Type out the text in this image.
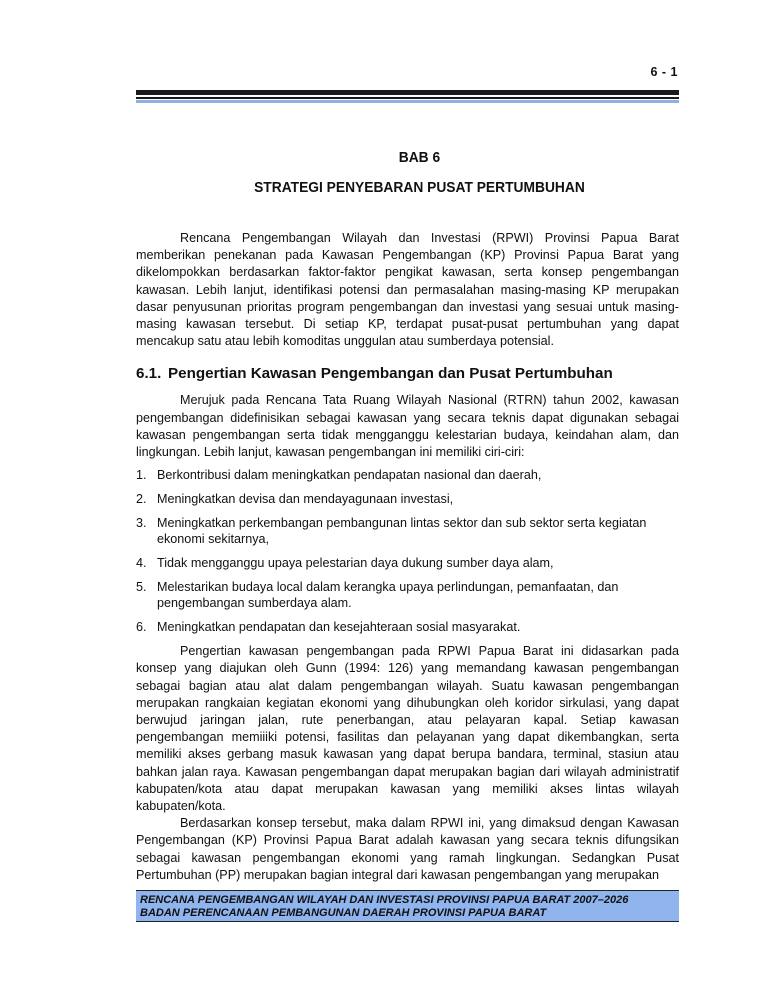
6 - 1
BAB 6
STRATEGI PENYEBARAN PUSAT PERTUMBUHAN

Rencana Pengembangan Wilayah dan Investasi (RPWI) Provinsi Papua Barat memberikan penekanan pada Kawasan Pengembangan (KP) Provinsi Papua Barat yang dikelompokkan berdasarkan faktor-faktor pengikat kawasan, serta konsep pengembangan kawasan. Lebih lanjut, identifikasi potensi dan permasalahan masing-masing KP merupakan dasar penyusunan prioritas program pengembangan dan investasi yang sesuai untuk masing-masing kawasan tersebut. Di setiap KP, terdapat pusat-pusat pertumbuhan yang dapat mencakup satu atau lebih komoditas unggulan atau sumberdaya potensial.

6.1. Pengertian Kawasan Pengembangan dan Pusat Pertumbuhan

Merujuk pada Rencana Tata Ruang Wilayah Nasional (RTRN) tahun 2002, kawasan pengembangan didefinisikan sebagai kawasan yang secara teknis dapat digunakan sebagai kawasan pengembangan serta tidak mengganggu kelestarian budaya, keindahan alam, dan lingkungan. Lebih lanjut, kawasan pengembangan ini memiliki ciri-ciri:

1. Berkontribusi dalam meningkatkan pendapatan nasional dan daerah,
2. Meningkatkan devisa dan mendayagunaan investasi,
3. Meningkatkan perkembangan pembangunan lintas sektor dan sub sektor serta kegiatan ekonomi sekitarnya,
4. Tidak mengganggu upaya pelestarian daya dukung sumber daya alam,
5. Melestarikan budaya local dalam kerangka upaya perlindungan, pemanfaatan, dan pengembangan sumberdaya alam.
6. Meningkatkan pendapatan dan kesejahteraan sosial masyarakat.

Pengertian kawasan pengembangan pada RPWI Papua Barat ini didasarkan pada konsep yang diajukan oleh Gunn (1994: 126) yang memandang kawasan pengembangan sebagai bagian atau alat dalam pengembangan wilayah. Suatu kawasan pengembangan merupakan rangkaian kegiatan ekonomi yang dihubungkan oleh koridor sirkulasi, yang dapat berwujud jaringan jalan, rute penerbangan, atau pelayaran kapal. Setiap kawasan pengembangan memiiiki potensi, fasilitas dan pelayanan yang dapat dikembangkan, serta memiliki akses gerbang masuk kawasan yang dapat berupa bandara, terminal, stasiun atau bahkan jalan raya. Kawasan pengembangan dapat merupakan bagian dari wilayah administratif kabupaten/kota atau dapat merupakan kawasan yang memiliki akses lintas wilayah kabupaten/kota.

Berdasarkan konsep tersebut, maka dalam RPWI ini, yang dimaksud dengan Kawasan Pengembangan (KP) Provinsi Papua Barat adalah kawasan yang secara teknis difungsikan sebagai kawasan pengembangan ekonomi yang ramah lingkungan. Sedangkan Pusat Pertumbuhan (PP) merupakan bagian integral dari kawasan pengembangan yang merupakan

RENCANA PENGEMBANGAN WILAYAH DAN INVESTASI PROVINSI PAPUA BARAT 2007–2026
BADAN PERENCANAAN PEMBANGUNAN DAERAH PROVINSI PAPUA BARAT
